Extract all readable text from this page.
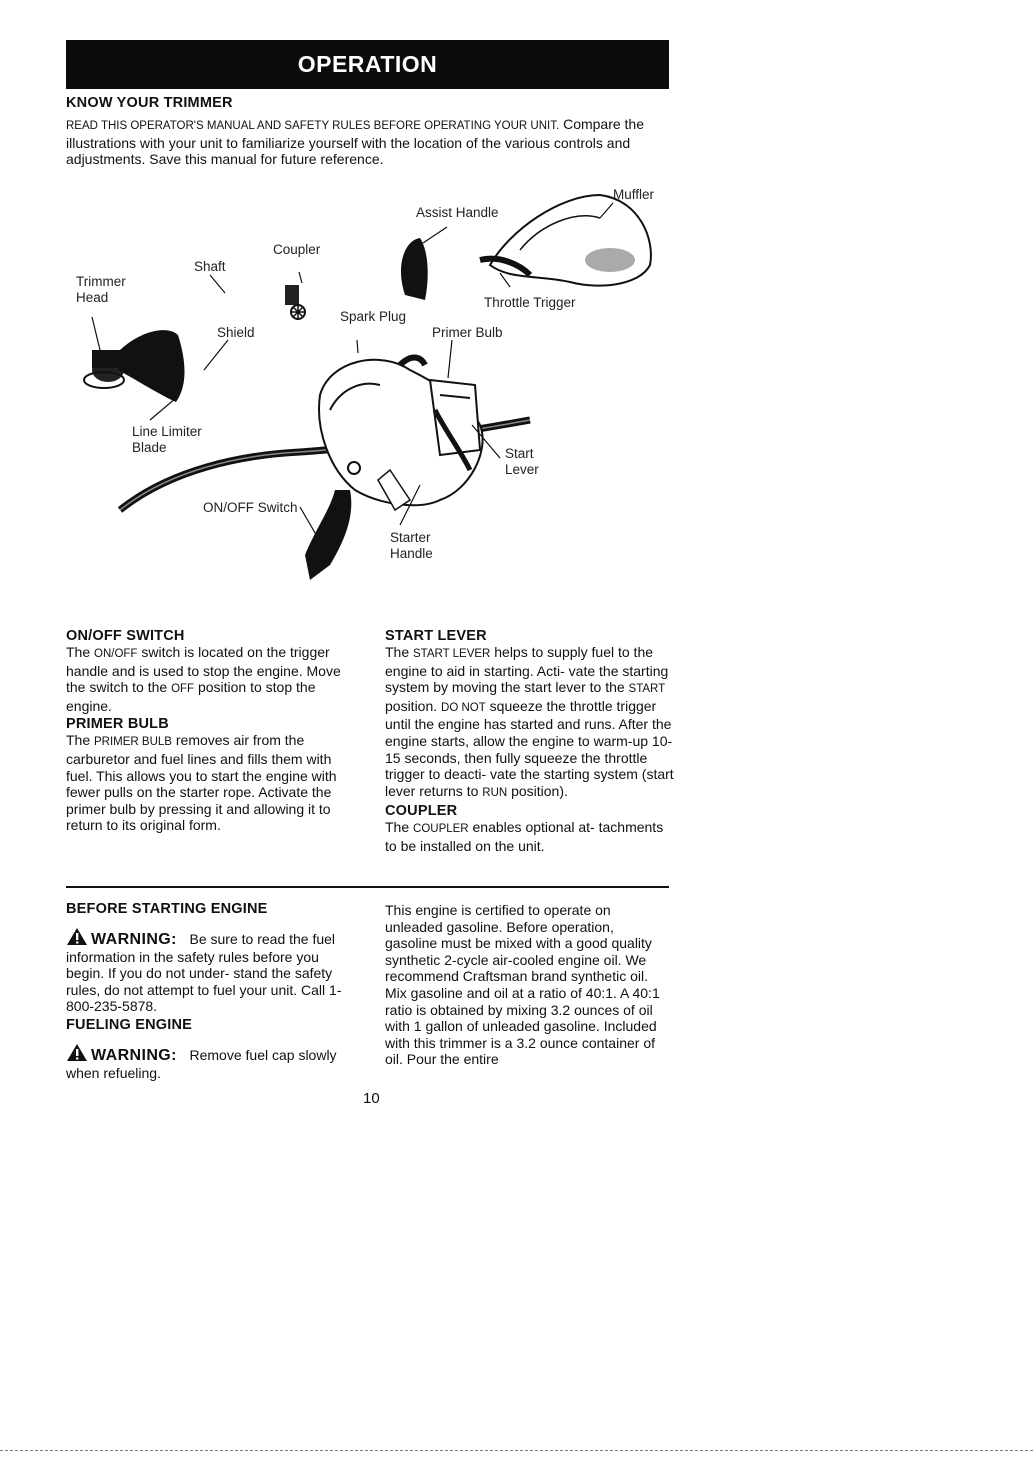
OPERATION
KNOW YOUR TRIMMER
READ THIS OPERATOR'S MANUAL AND SAFETY RULES BEFORE OPERATING YOUR UNIT. Compare the illustrations with your unit to familiarize yourself with the location of the various controls and adjustments. Save this manual for future reference.
Muffler
Assist Handle
Coupler
Shaft
Trimmer
Head	Throttle Trigger
Spark Plug
Shield	Primer Bulb
Line Limiter
Blade	Start
Lever
ON/OFF Switch
Starter
Handle
ON/OFF SWITCH
The ON/OFF switch is located on the trigger handle and is used to stop the engine. Move the switch to the OFF position to stop the engine.
PRIMER BULB
The PRIMER BULB removes air from the carburetor and fuel lines and fills them with fuel. This allows you to start the engine with fewer pulls on the starter rope. Activate the primer bulb by pressing it and allowing it to return to its original form.
START LEVER
The START LEVER helps to supply fuel to the engine to aid in starting. Acti- vate the starting system by moving the start lever to the START position. DO NOT squeeze the throttle trigger until the engine has started and runs. After the engine starts, allow the engine to warm-up 10-15 seconds, then fully squeeze the throttle trigger to deacti- vate the starting system (start lever returns to RUN position).
COUPLER
The COUPLER enables optional at- tachments to be installed on the unit.
BEFORE STARTING ENGINE
WARNING: Be sure to read the fuel information in the safety rules before you begin. If you do not under- stand the safety rules, do not attempt to fuel your unit. Call 1-800-235-5878.
FUELING ENGINE
WARNING: Remove fuel cap slowly when refueling.
This engine is certified to operate on unleaded gasoline. Before operation, gasoline must be mixed with a good quality synthetic 2-cycle air-cooled engine oil. We recommend Craftsman brand synthetic oil. Mix gasoline and oil at a ratio of 40:1. A 40:1 ratio is obtained by mixing 3.2 ounces of oil with 1 gallon of unleaded gasoline. Included with this trimmer is a 3.2 ounce container of oil. Pour the entire
10
